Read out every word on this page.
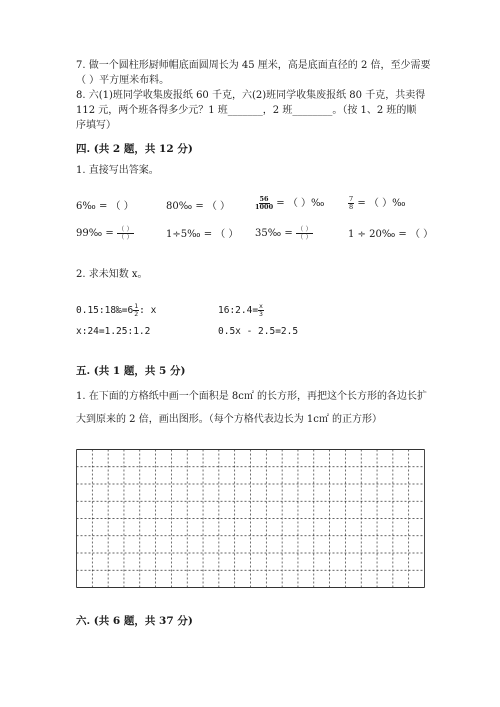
7. 做一个圆柱形厨师帽底面圆周长为 45 厘米，高是底面直径的 2 倍，至少需要
（ ）平方厘米布料。
8. 六(1)班同学收集废报纸 60 千克，六(2)班同学收集废报纸 80 千克，共卖得
112 元，两个班各得多少元？1 班_______，2 班________。（按 1、2 班的顺
序填写）
四. (共 2 题，共 12 分)
1. 直接写出答案。
6‰ = （ ）	80‰ = （ ）	$\frac{56}{1000}$ = （ ）‰	$\frac{7}{8}$ = （ ）‰
99‰ = $\frac{( )}{( )}$	1÷5‰ = （ ） 35‰ = $\frac{( )}{( )}$	1 ÷ 20‰ = （ ）
2. 求未知数 x。
0.15:18‰=6 $\frac{1}{2}$ : x	16:2.4= $\frac{x}{3}$
x:24=1.25:1.2	0.5x - 2.5=2.5
五. (共 1 题，共 5 分)
1. 在下面的方格纸中画一个面积是 8c㎡ 的长方形，再把这个长方形的各边长扩
大到原来的 2 倍，画出图形。（每个方格代表边长为 1c㎡ 的正方形）
六. (共 6 题，共 37 分)
